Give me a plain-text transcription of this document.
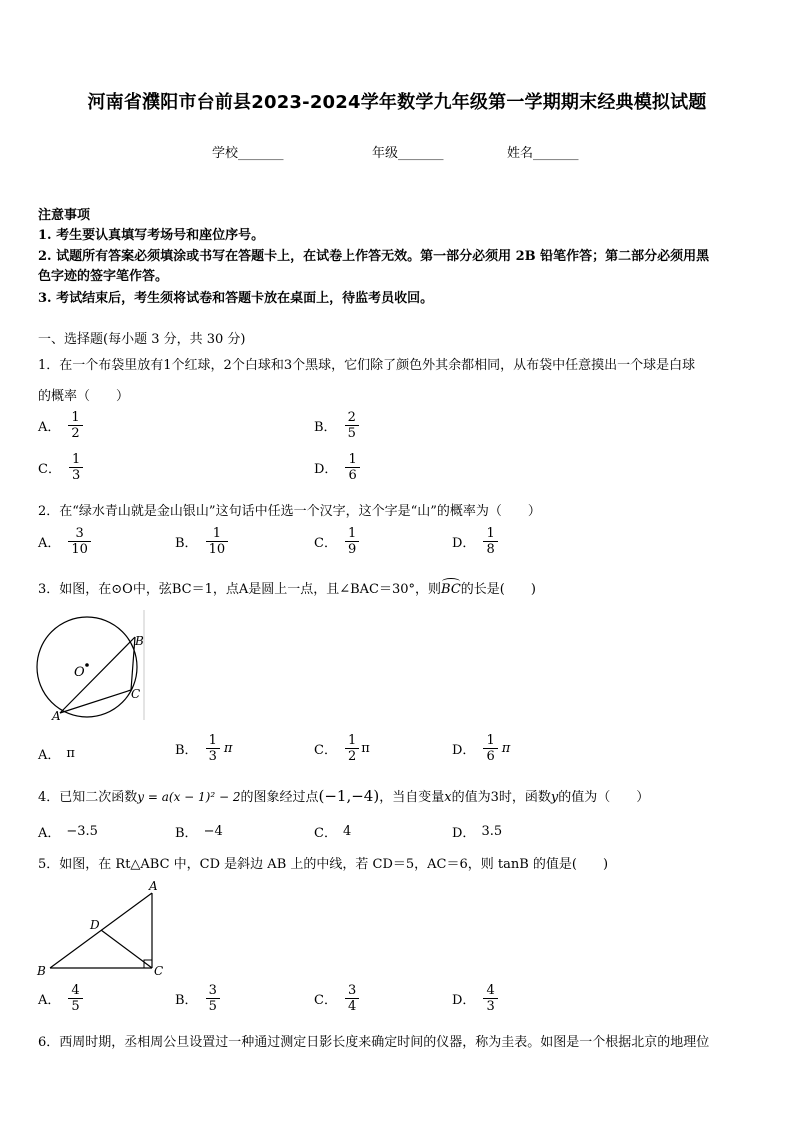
河南省濮阳市台前县2023-2024学年数学九年级第一学期期末经典模拟试题
学校_______	年级_______	姓名_______
注意事项
1. 考生要认真填写考场号和座位序号。
2. 试题所有答案必须填涂或书写在答题卡上，在试卷上作答无效。第一部分必须用 2B 铅笔作答；第二部分必须用黑
色字迹的签字笔作答。
3. 考试结束后，考生须将试卷和答题卡放在桌面上，待监考员收回。
一、选择题(每小题 3 分，共 30 分)
1．在一个布袋里放有1个红球，2个白球和3个黑球，它们除了颜色外其余都相同，从布袋中任意摸出一个球是白球
的概率（　　）
A． $\frac{1}{2}$	B． $\frac{2}{5}$
C． $\frac{1}{3}$	D． $\frac{1}{6}$
2．在“绿水青山就是金山银山”这句话中任选一个汉字，这个字是“山”的概率为（　　）
A． $\frac{3}{10}$	B． $\frac{1}{10}$	C． $\frac{1}{9}$	D． $\frac{1}{8}$
3．如图，在⊙O中，弦BC＝1，点A是圆上一点，且∠BAC＝30°，则
BC的长是(　　)
O
B
C
A
A． π	B． $\frac{1}{3}$ π	C． $\frac{1}{2}$ π	D． $\frac{1}{6}$ π
4．已知二次函数y = a(x − 1)² − 2的图象经过点(−1,−4)，当自变量x的值为3时，函数y的值为（　　）
A． −3.5	B． −4	C． 4	D． 3.5
5．如图，在 Rt△ABC 中，CD 是斜边 AB 上的中线，若 CD＝5，AC＝6，则 tanB 的值是(　　)
A
D
B	C
A． $\frac{4}{5}$	B． $\frac{3}{5}$	C． $\frac{3}{4}$	D． $\frac{4}{3}$
6．西周时期，丞相周公旦设置过一种通过测定日影长度来确定时间的仪器，称为圭表。如图是一个根据北京的地理位
